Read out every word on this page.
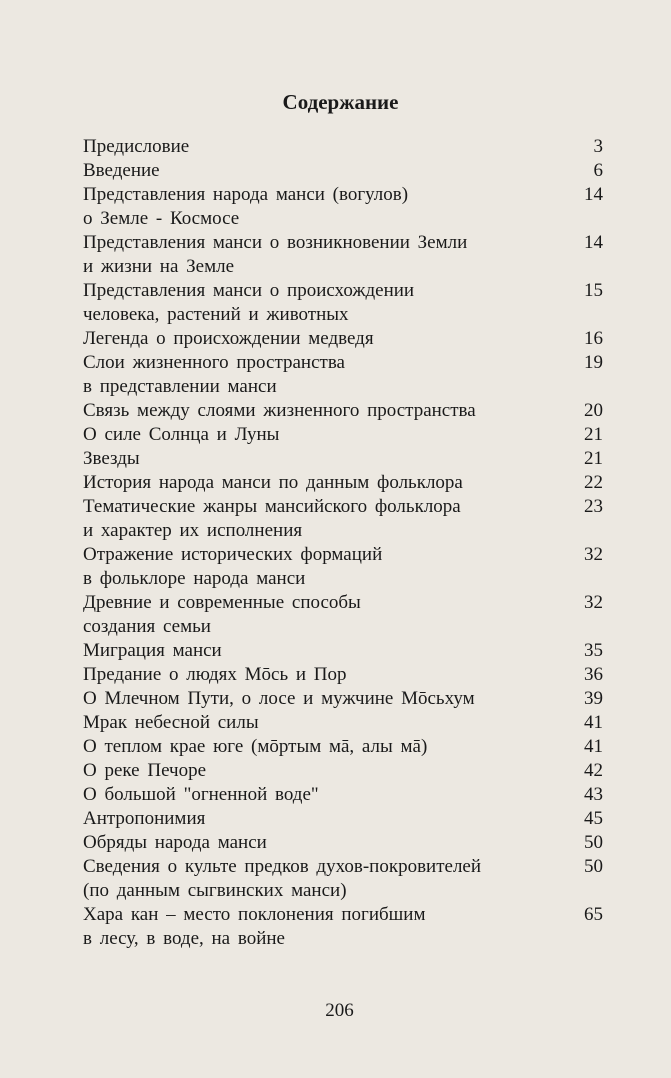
Содержание
Предисловие	3
Введение	6
Представления народа манси (вогулов)	14
о Земле - Космосе
Представления манси о возникновении Земли	14
и жизни на Земле
Представления манси о происхождении	15
человека, растений и животных
Легенда о происхождении медведя	16
Слои жизненного пространства	19
в представлении манси
Связь между слоями жизненного пространства	20
О силе Солнца и Луны	21
Звезды	21
История народа манси по данным фольклора	22
Тематические жанры мансийского фольклора	23
и характер их исполнения
Отражение исторических формаций	32
в фольклоре народа манси
Древние и современные способы	32
создания семьи
Миграция манси	35
Предание о людях Мōсь и Пор	36
О Млечном Пути, о лосе и мужчине Мōсьхум	39
Мрак небесной силы	41
О теплом крае юге (мōртым мā, алы мā)	41
О реке Печоре	42
О большой "огненной воде"	43
Антропонимия	45
Обряды народа манси	50
Сведения о культе предков духов-покровителей	50
(по данным сыгвинских манси)
Хара кан – место поклонения погибшим	65
в лесу, в воде, на войне
206
